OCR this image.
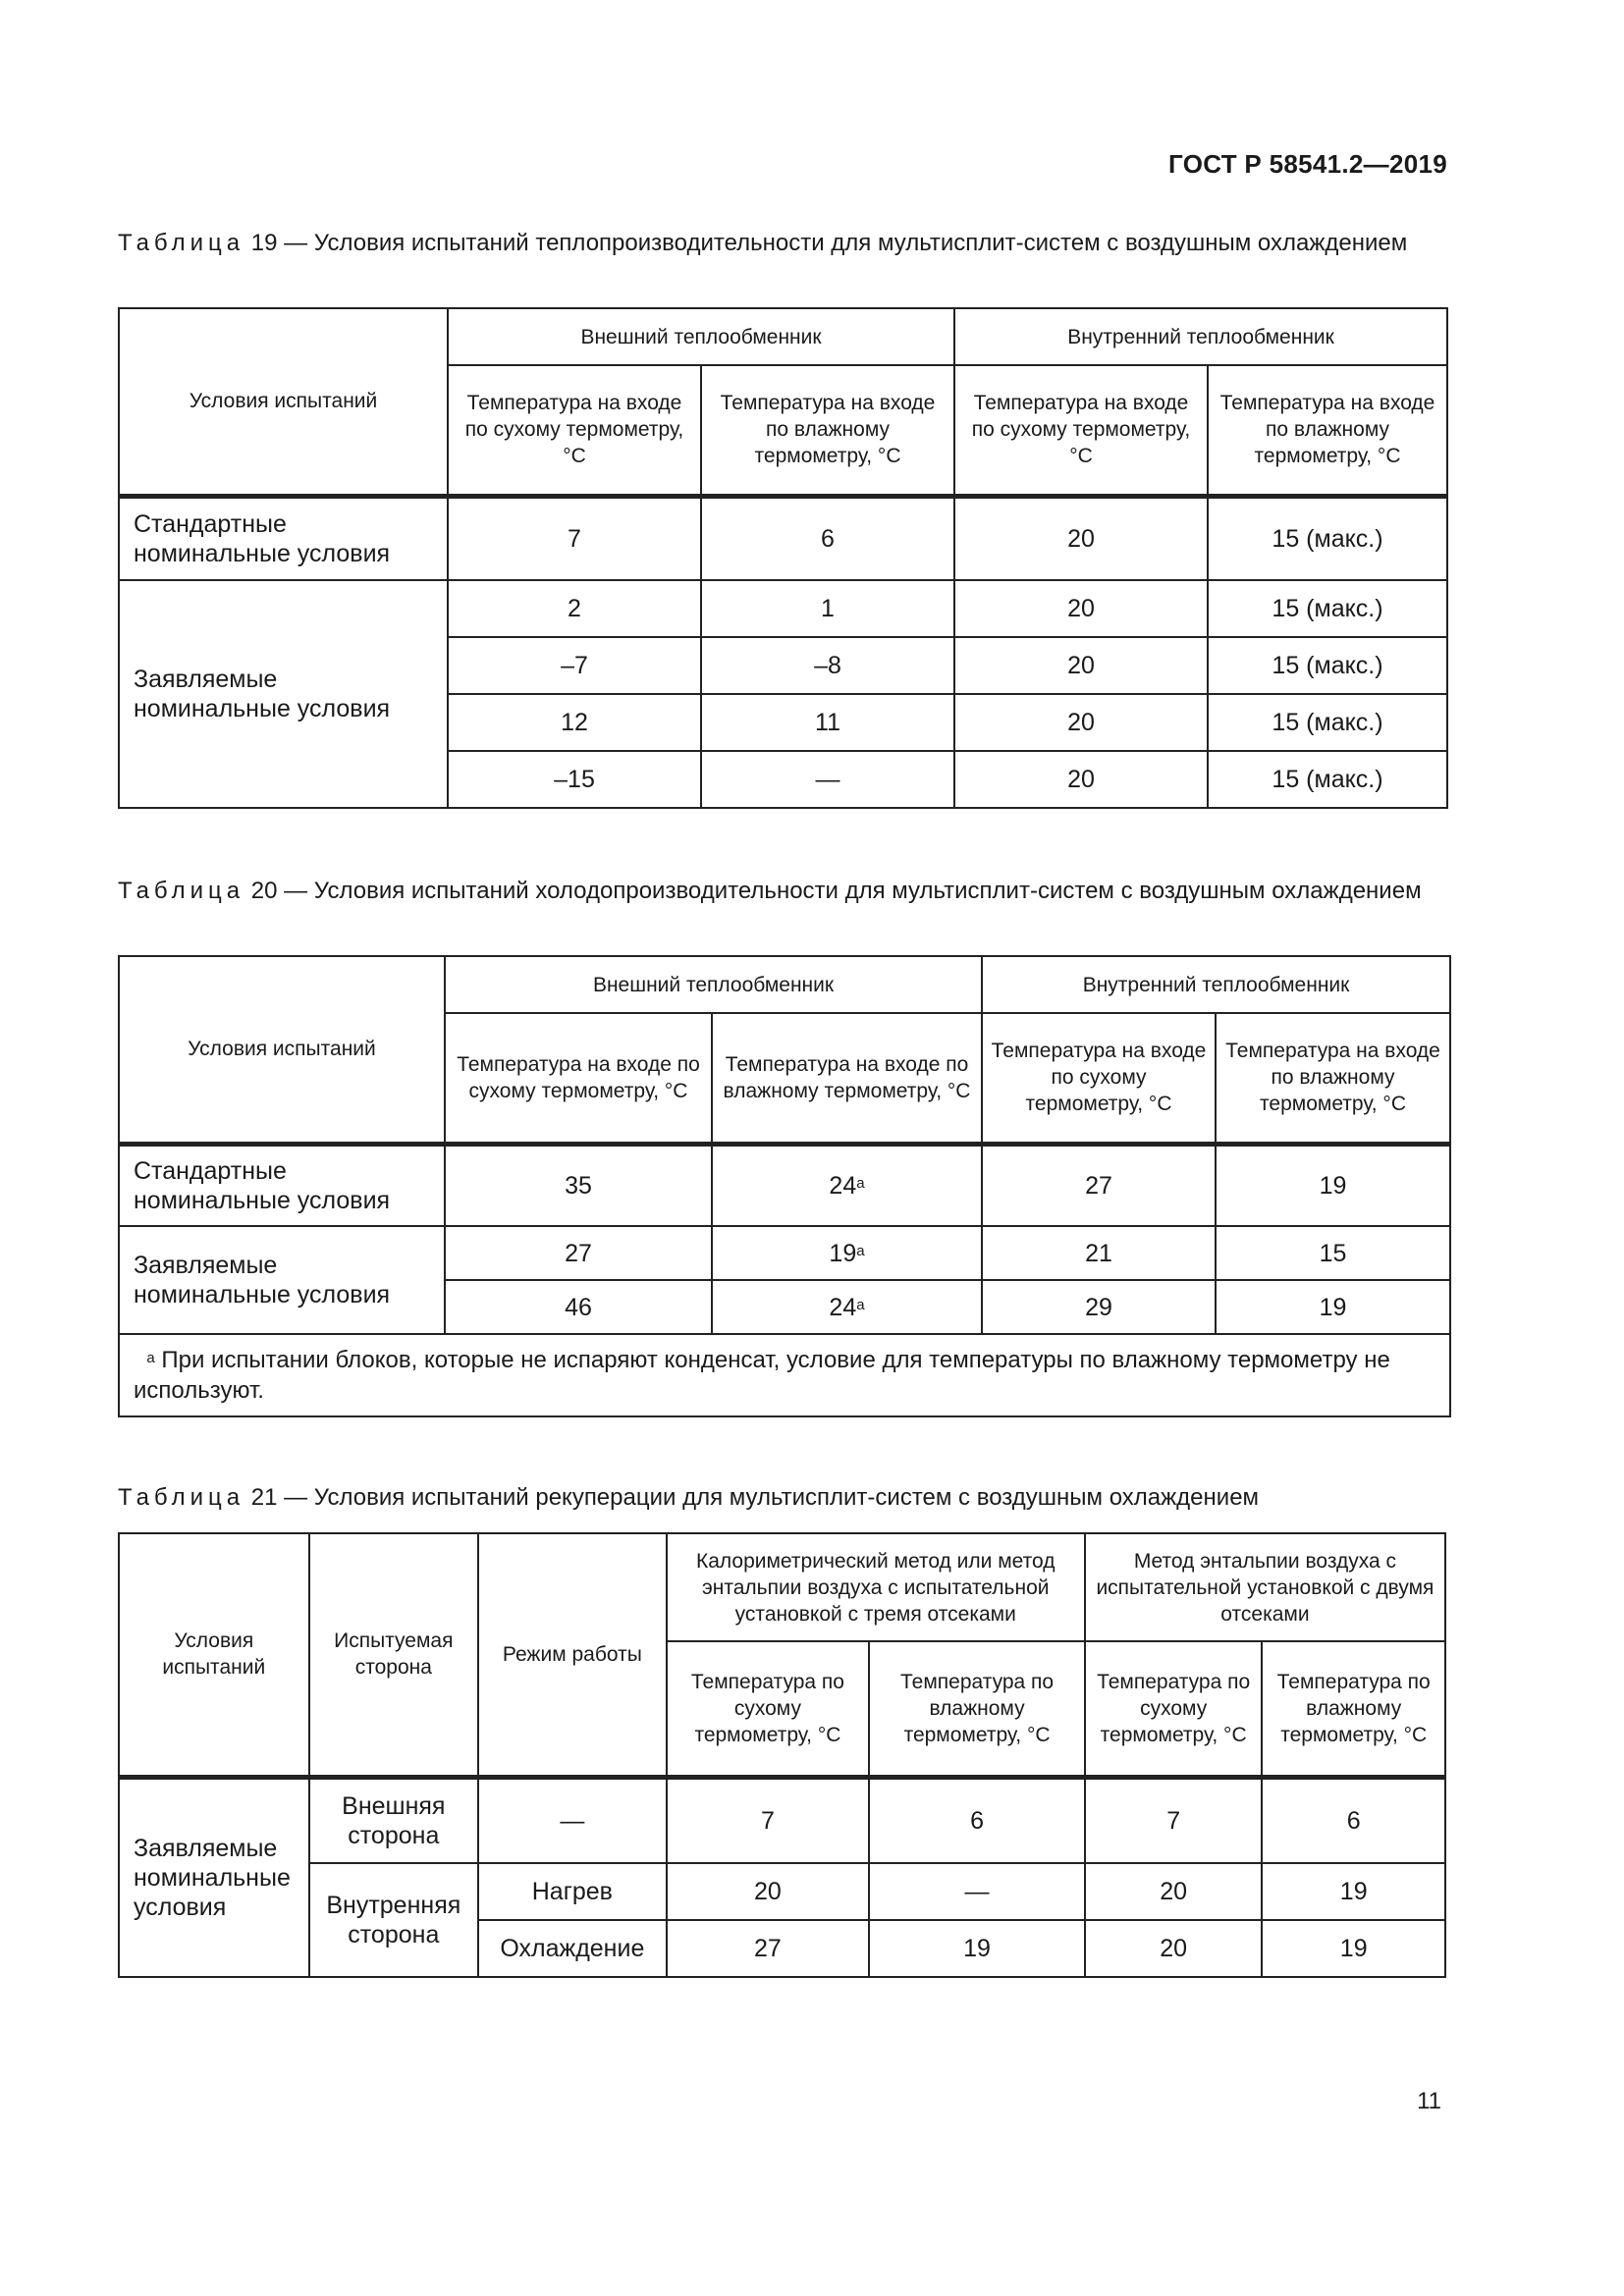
ГОСТ Р 58541.2—2019
Таблица 19 — Условия испытаний теплопроизводительности для мультисплит-систем с воздушным охлаждением
Условия испытаний	Внешний теплообменник		Внутренний теплообменник	
	Температура на входе по сухому термометру, °C	Температура на входе по влажному термометру, °C	Температура на входе по сухому термометру, °C	Температура на входе по влажному термометру, °C
Стандартные номинальные условия	7	6	20	15 (макс.)
Заявляемые номинальные условия	2	1	20	15 (макс.)
	–7	–8	20	15 (макс.)
	12	11	20	15 (макс.)
	–15	—	20	15 (макс.)
Таблица 20 — Условия испытаний холодопроизводительности для мультисплит-систем с воздушным охлаждением
Условия испытаний	Внешний теплообменник		Внутренний теплообменник	
	Температура на входе по сухому термометру, °C	Температура на входе по влажному термометру, °C	Температура на входе по сухому термометру, °C	Температура на входе по влажному термометру, °C
Стандартные номинальные условия	35	24$^a$	27	19
Заявляемые номинальные условия	27	19$^a$	21	15
	46	24$^a$	29	19
$^a$ При испытании блоков, которые не испаряют конденсат, условие для температуры по влажному термометру не используют.				
Таблица 21 — Условия испытаний рекуперации для мультисплит-систем с воздушным охлаждением
Условия испытаний	Испытуемая сторона	Режим работы	Калориметрический метод или метод энтальпии воздуха с испытательной установкой с тремя отсеками		Метод энтальпии воздуха с испытательной установкой с двумя отсеками	
			Температура по сухому термометру, °C	Температура по влажному термометру, °C	Температура по сухому термометру, °C	Температура по влажному термометру, °C
Заявляемые номинальные условия	Внешняя сторона	—	7	6	7	6
	Внутренняя сторона	Нагрев	20	—	20	19
		Охлаждение	27	19	20	19
11
